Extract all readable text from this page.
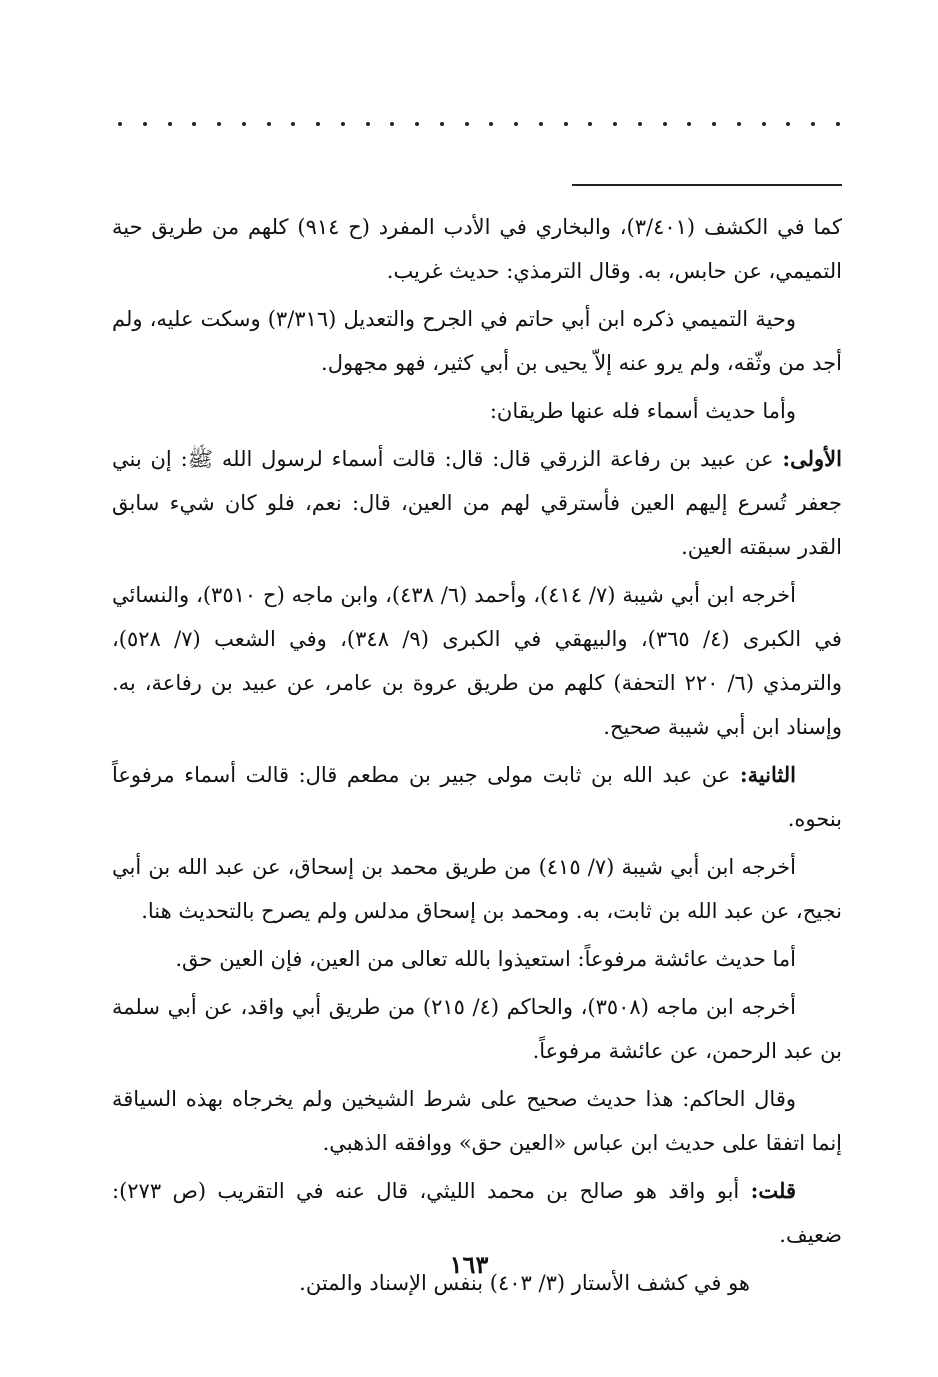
كما في الكشف (٣/٤٠١)، والبخاري في الأدب المفرد (ح ٩١٤) كلهم من طريق حية التميمي، عن حابس، به. وقال الترمذي: حديث غريب.

وحية التميمي ذكره ابن أبي حاتم في الجرح والتعديل (٣/٣١٦) وسكت عليه، ولم أجد من وثّقه، ولم يرو عنه إلاّ يحيى بن أبي كثير، فهو مجهول.

وأما حديث أسماء فله عنها طريقان:

الأولى: عن عبيد بن رفاعة الزرقي قال: قال: قالت أسماء لرسول الله ﷺ: إن بني جعفر تُسرع إليهم العين فأسترقي لهم من العين، قال: نعم، فلو كان شيء سابق القدر سبقته العين.

أخرجه ابن أبي شيبة (٧/ ٤١٤)، وأحمد (٦/ ٤٣٨)، وابن ماجه (ح ٣٥١٠)، والنسائي في الكبرى (٤/ ٣٦٥)، والبيهقي في الكبرى (٩/ ٣٤٨)، وفي الشعب (٧/ ٥٢٨)، والترمذي (٦/ ٢٢٠ التحفة) كلهم من طريق عروة بن عامر، عن عبيد بن رفاعة، به. وإسناد ابن أبي شيبة صحيح.

الثانية: عن عبد الله بن ثابت مولى جبير بن مطعم قال: قالت أسماء مرفوعاً بنحوه.

أخرجه ابن أبي شيبة (٧/ ٤١٥) من طريق محمد بن إسحاق، عن عبد الله بن أبي نجيح، عن عبد الله بن ثابت، به. ومحمد بن إسحاق مدلس ولم يصرح بالتحديث هنا.

أما حديث عائشة مرفوعاً: استعيذوا بالله تعالى من العين، فإن العين حق.

أخرجه ابن ماجه (٣٥٠٨)، والحاكم (٤/ ٢١٥) من طريق أبي واقد، عن أبي سلمة بن عبد الرحمن، عن عائشة مرفوعاً.

وقال الحاكم: هذا حديث صحيح على شرط الشيخين ولم يخرجاه بهذه السياقة إنما اتفقا على حديث ابن عباس «العين حق» ووافقه الذهبي.

قلت: أبو واقد هو صالح بن محمد الليثي، قال عنه في التقريب (ص ٢٧٣): ضعيف.

هو في كشف الأستار (٣/ ٤٠٣) بنفس الإسناد والمتن.

١٦٣
